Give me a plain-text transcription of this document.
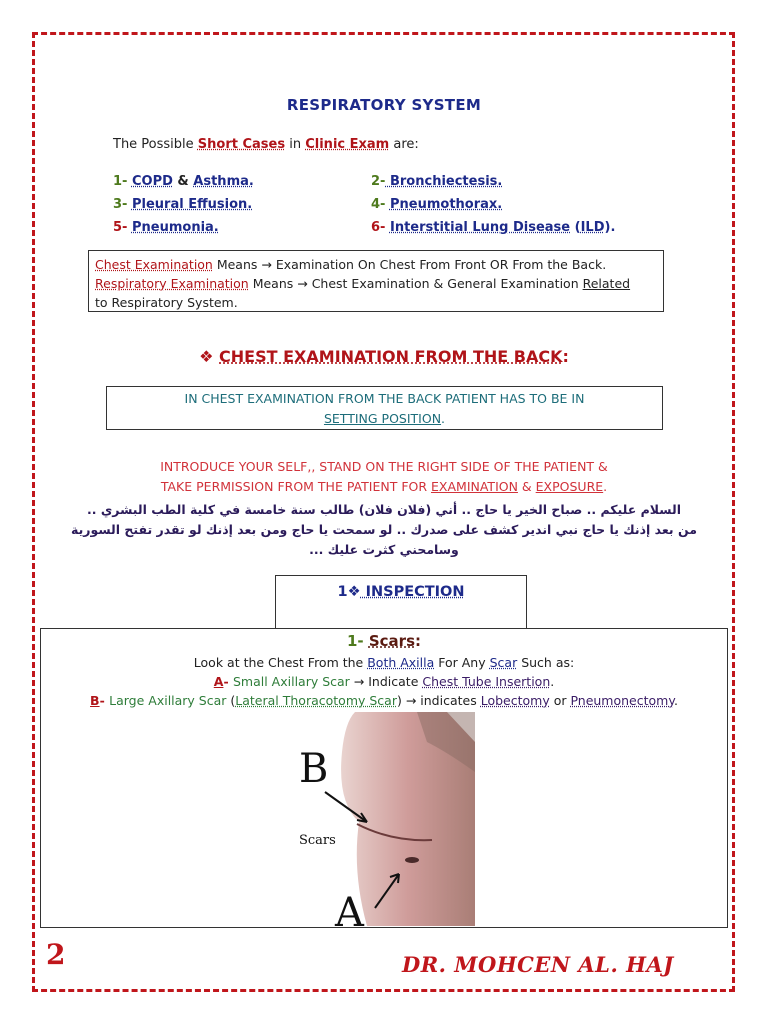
RESPIRATORY SYSTEM
The Possible Short Cases in Clinic Exam are:
1- COPD & Asthma.	2- Bronchiectesis.
3- Pleural Effusion.	4- Pneumothorax.
5- Pneumonia.	6- Interstitial Lung Disease (ILD).
Chest Examination Means → Examination On Chest From Front OR From the Back.
Respiratory Examination Means → Chest Examination & General Examination Related
to Respiratory System.
❖ CHEST EXAMINATION FROM THE BACK:
IN CHEST EXAMINATION FROM THE BACK PATIENT HAS TO BE IN
SETTING POSITION.
INTRODUCE YOUR SELF,, STAND ON THE RIGHT SIDE OF THE PATIENT &
TAKE PERMISSION FROM THE PATIENT FOR EXAMINATION & EXPOSURE.
السلام عليكم .. صباح الخير يا حاج .. أني (فلان فلان) طالب سنة خامسة في كلية الطب البشري ..
من بعد إذنك يا حاج نبي اندير كشف على صدرك .. لو سمحت يا حاج ومن بعد إذنك لو تقدر تفتح السورية
وسامحني كثرت عليك ...
1❖ INSPECTION
1- Scars:
Look at the Chest From the Both Axilla For Any Scar Such as:
A- Small Axillary Scar → Indicate Chest Tube Insertion.
B- Large Axillary Scar (Lateral Thoracotomy Scar) → indicates Lobectomy or Pneumonectomy.
B
Scars
A
2	DR. MOHCEN AL. HAJ
